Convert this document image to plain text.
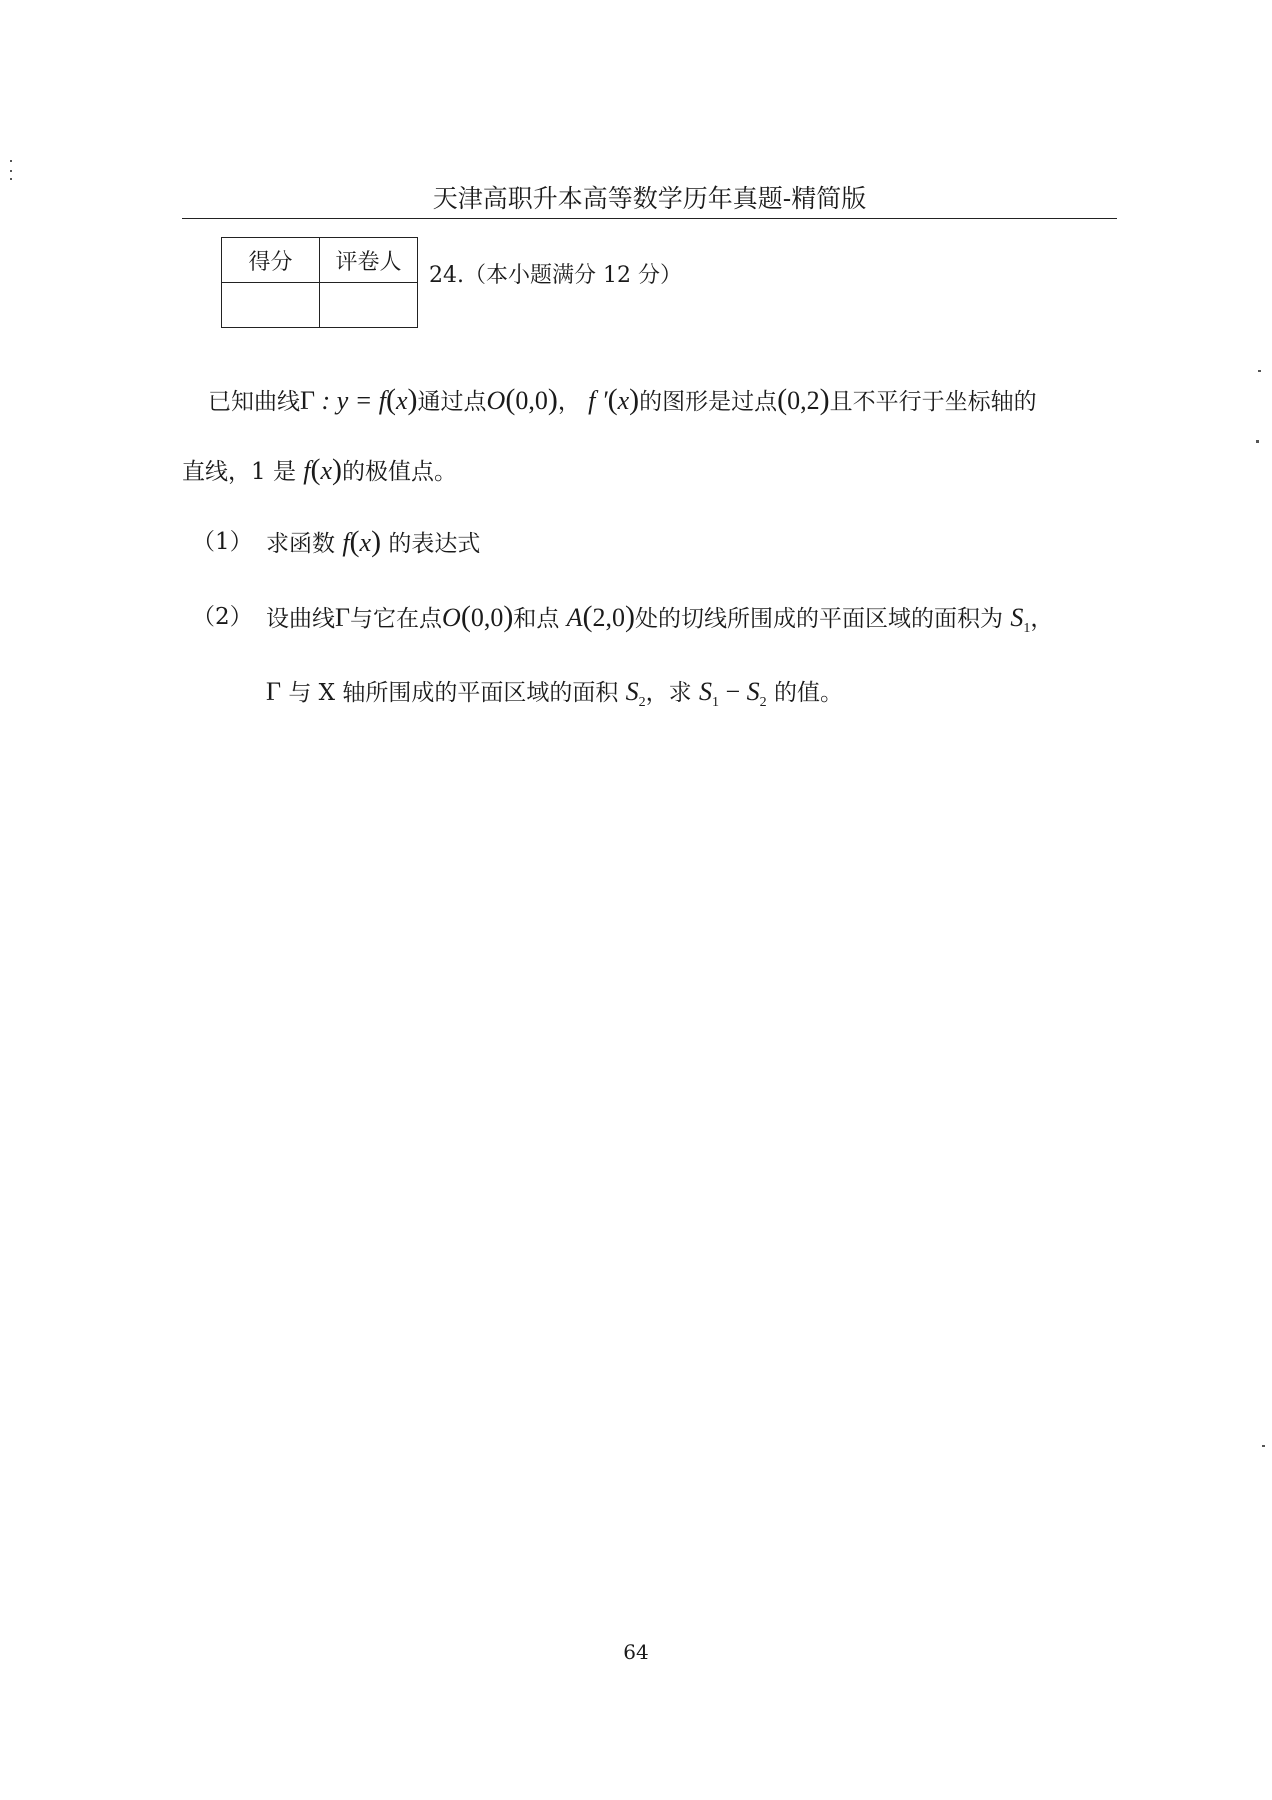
天津高职升本高等数学历年真题-精简版
得分	评卷人

24.（本小题满分 12 分）
已知曲线Γ : y = f(x)通过点O(0,0)， f ′(x)的图形是过点(0,2)且不平行于坐标轴的
直线，1 是 f(x)的极值点。
（1） 求函数 f(x) 的表达式
（2） 设曲线Γ与它在点O(0,0)和点 A(2,0)处的切线所围成的平面区域的面积为 $S_1$，
Γ 与 X 轴所围成的平面区域的面积 $S_2$，求 $S_1 - S_2$ 的值。
64
